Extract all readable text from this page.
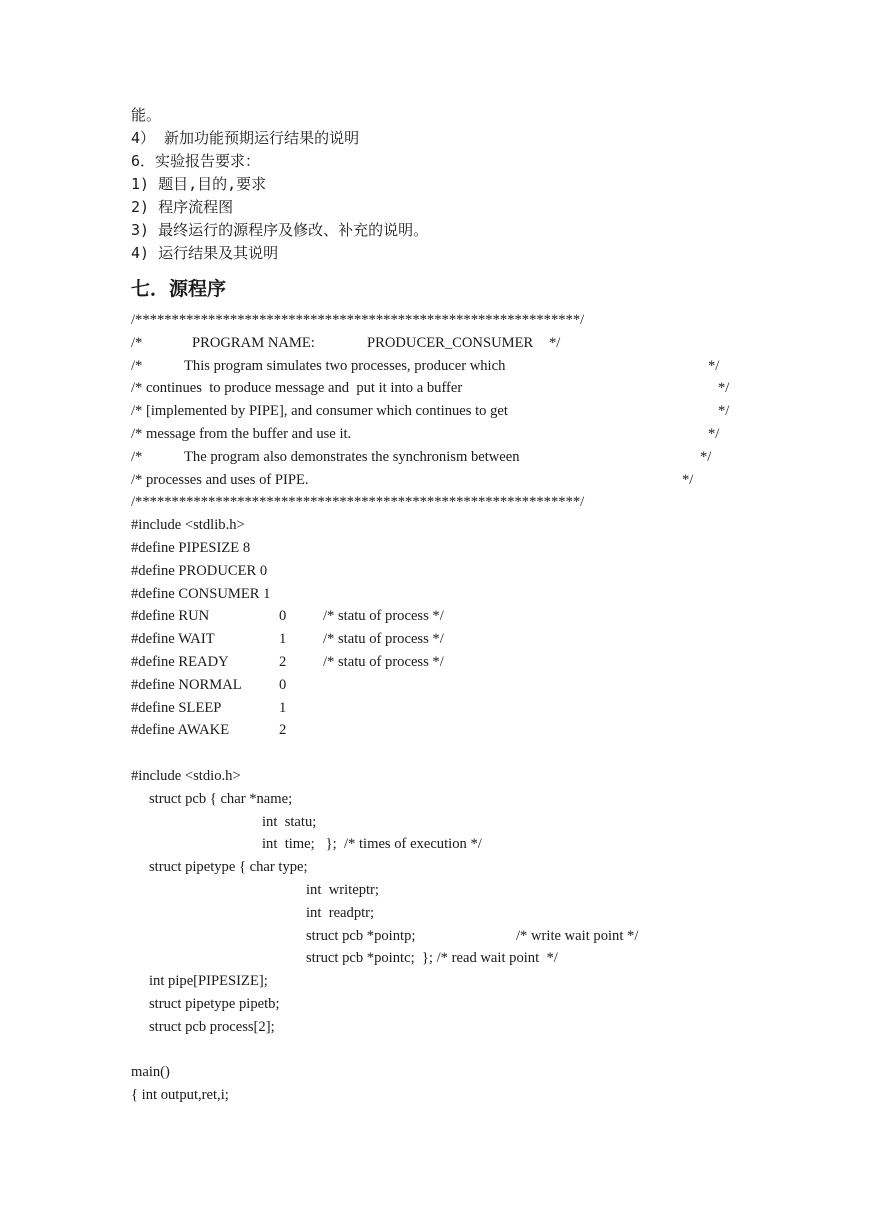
能。
4） 新加功能预期运行结果的说明
6．实验报告要求：
1) 题目,目的,要求
2) 程序流程图
3) 最终运行的源程序及修改、补充的说明。
4) 运行结果及其说明
七．源程序
/*************************************************************/
/*	PROGRAM NAME:	PRODUCER_CONSUMER */
/*	This program simulates two processes, producer which	*/
/* continues  to produce message and  put it into a buffer	*/
/* [implemented by PIPE], and consumer which continues to get	*/
/* message from the buffer and use it.	*/
/*	The program also demonstrates the synchronism between	*/
/* processes and uses of PIPE.	*/
/*************************************************************/
#include <stdlib.h>
#define PIPESIZE 8
#define PRODUCER 0
#define CONSUMER 1
#define RUN	0	/* statu of process */
#define WAIT	1	/* statu of process */
#define READY	2	/* statu of process */
#define NORMAL	0
#define SLEEP	1
#define AWAKE	2
#include <stdio.h>
struct pcb { char *name;
int  statu;
int  time;   };  /* times of execution */
struct pipetype { char type;
int  writeptr;
int  readptr;
struct pcb *pointp;	/* write wait point */
struct pcb *pointc;  }; /* read wait point  */
int pipe[PIPESIZE];
struct pipetype pipetb;
struct pcb process[2];
main()
{ int output,ret,i;
